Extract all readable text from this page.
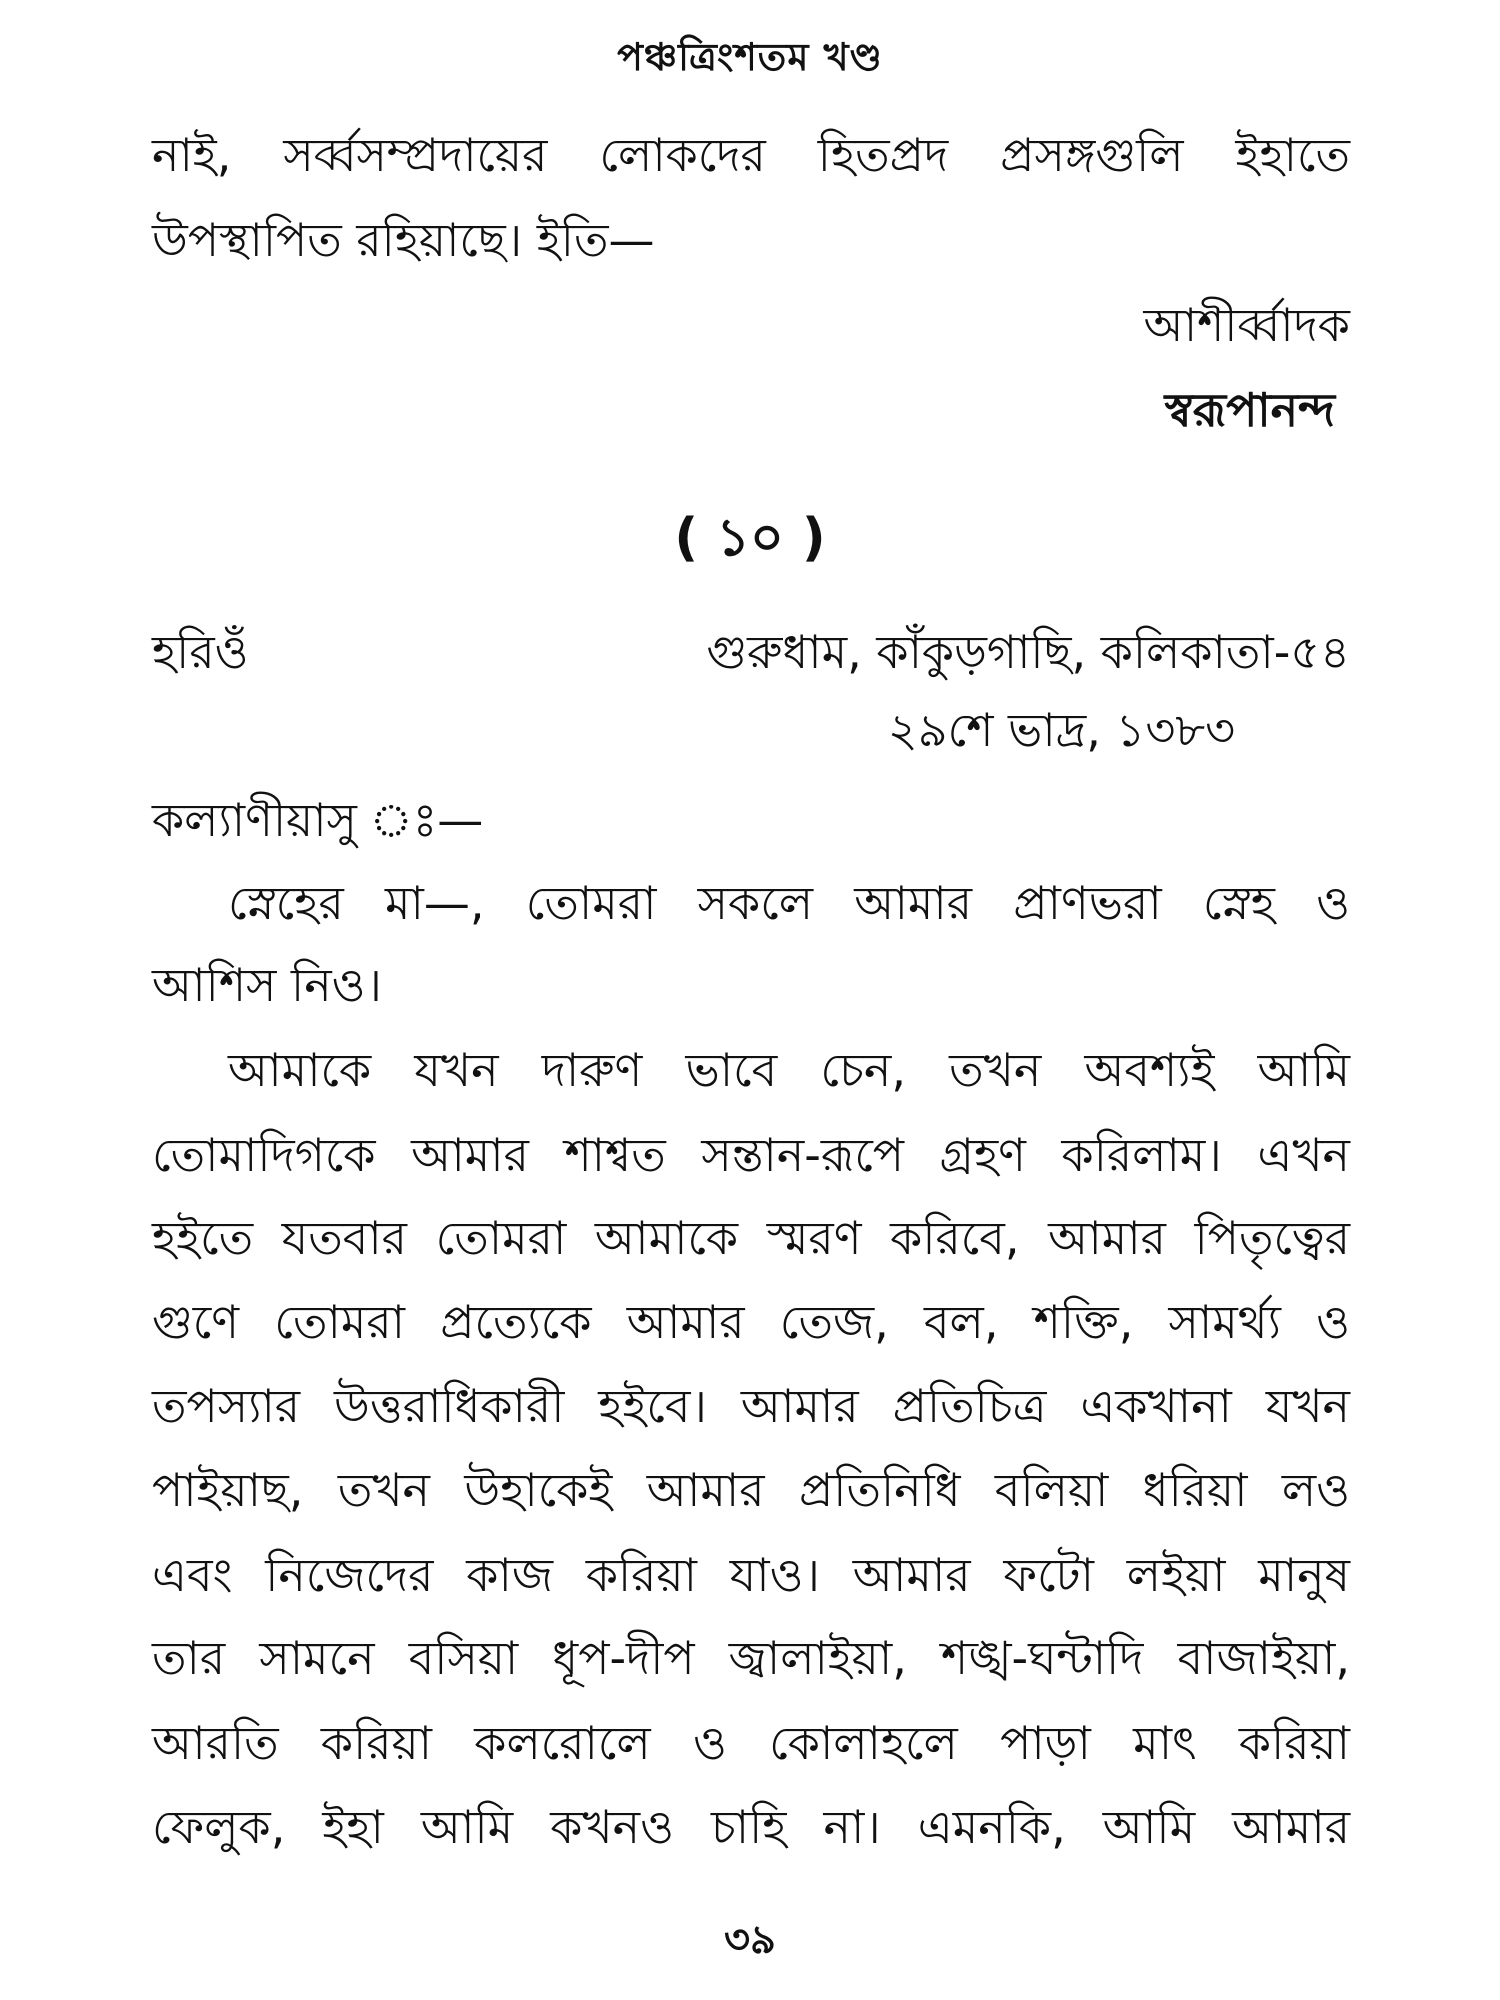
পঞ্চত্রিংশতম খণ্ড
নাই, সর্ব্বসম্প্রদায়ের লোকদের হিতপ্রদ প্রসঙ্গগুলি ইহাতে
উপস্থাপিত রহিয়াছে। ইতি—
আশীর্ব্বাদক
স্বরূপানন্দ
( ১০ )
হরিওঁ	গুরুধাম, কাঁকুড়গাছি, কলিকাতা-৫৪
২৯শে ভাদ্র, ১৩৮৩
কল্যাণীয়াসু ঃ—
স্নেহের মা—, তোমরা সকলে আমার প্রাণভরা স্নেহ ও
আশিস নিও।
আমাকে যখন দারুণ ভাবে চেন, তখন অবশ্যই আমি
তোমাদিগকে আমার শাশ্বত সন্তান-রূপে গ্রহণ করিলাম। এখন
হইতে যতবার তোমরা আমাকে স্মরণ করিবে, আমার পিতৃত্বের
গুণে তোমরা প্রত্যেকে আমার তেজ, বল, শক্তি, সামর্থ্য ও
তপস্যার উত্তরাধিকারী হইবে। আমার প্রতিচিত্র একখানা যখন
পাইয়াছ, তখন উহাকেই আমার প্রতিনিধি বলিয়া ধরিয়া লও
এবং নিজেদের কাজ করিয়া যাও। আমার ফটো লইয়া মানুষ
তার সামনে বসিয়া ধূপ-দীপ জ্বালাইয়া, শঙ্খ-ঘন্টাদি বাজাইয়া,
আরতি করিয়া কলরোলে ও কোলাহলে পাড়া মাৎ করিয়া
ফেলুক, ইহা আমি কখনও চাহি না। এমনকি, আমি আমার
৩৯
